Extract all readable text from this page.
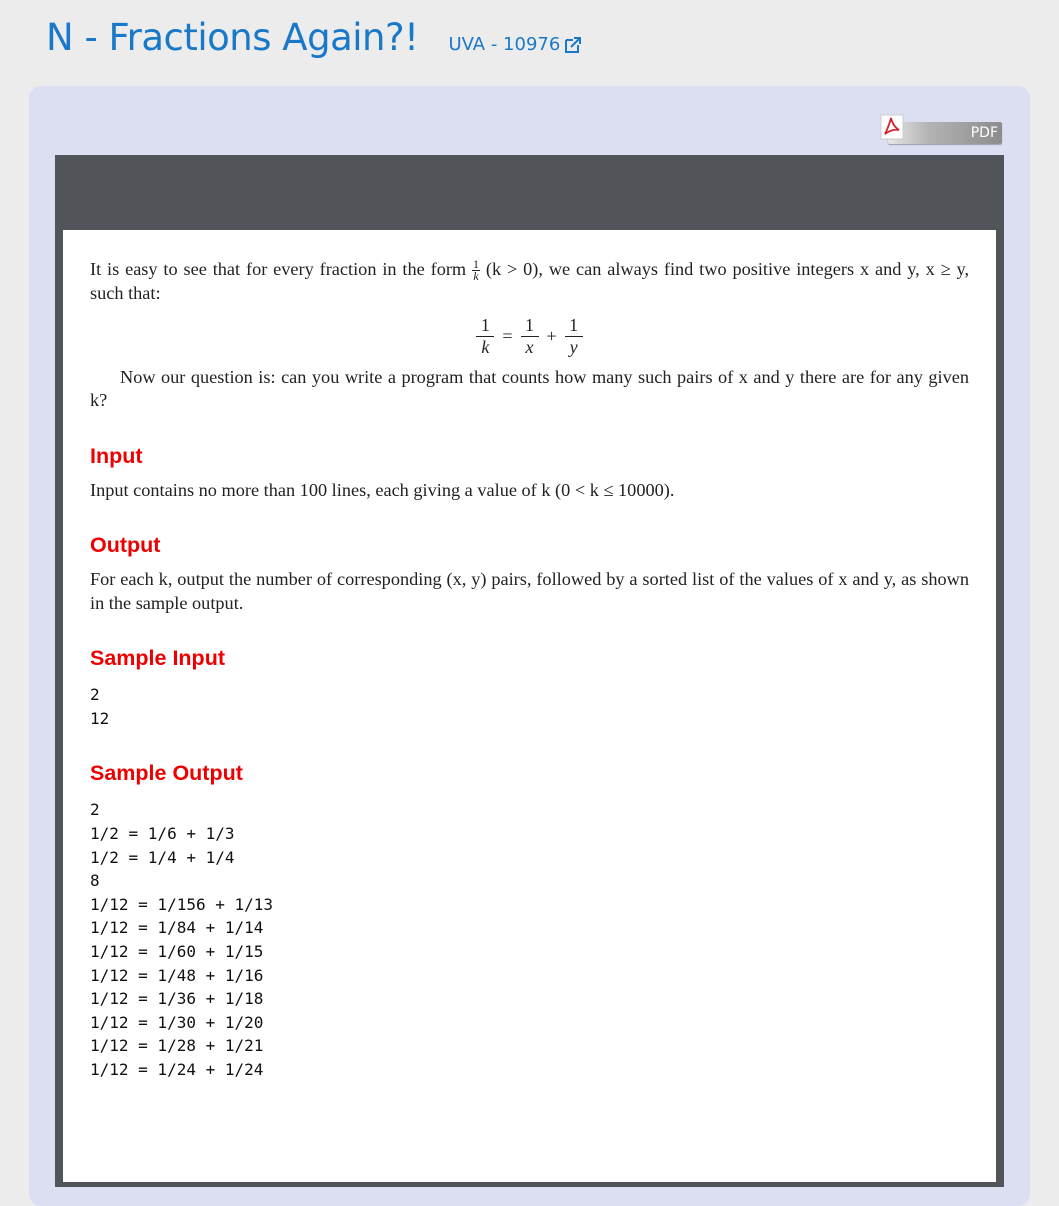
N - Fractions Again?! UVA - 10976
PDF

It is easy to see that for every fraction in the form $\frac{1}{k} (k > 0)$, we can always find two positive integers x and y, x ≥ y, such that:

$\frac{1}{k} = \frac{1}{x} + \frac{1}{y}$

Now our question is: can you write a program that counts how many such pairs of x and y there are for any given k?

Input

Input contains no more than 100 lines, each giving a value of k (0 < k ≤ 10000).

Output

For each k, output the number of corresponding (x, y) pairs, followed by a sorted list of the values of x and y, as shown in the sample output.

Sample Input
2
12
Sample Output
2
1/2 = 1/6 + 1/3
1/2 = 1/4 + 1/4
8
1/12 = 1/156 + 1/13
1/12 = 1/84 + 1/14
1/12 = 1/60 + 1/15
1/12 = 1/48 + 1/16
1/12 = 1/36 + 1/18
1/12 = 1/30 + 1/20
1/12 = 1/28 + 1/21
1/12 = 1/24 + 1/24
